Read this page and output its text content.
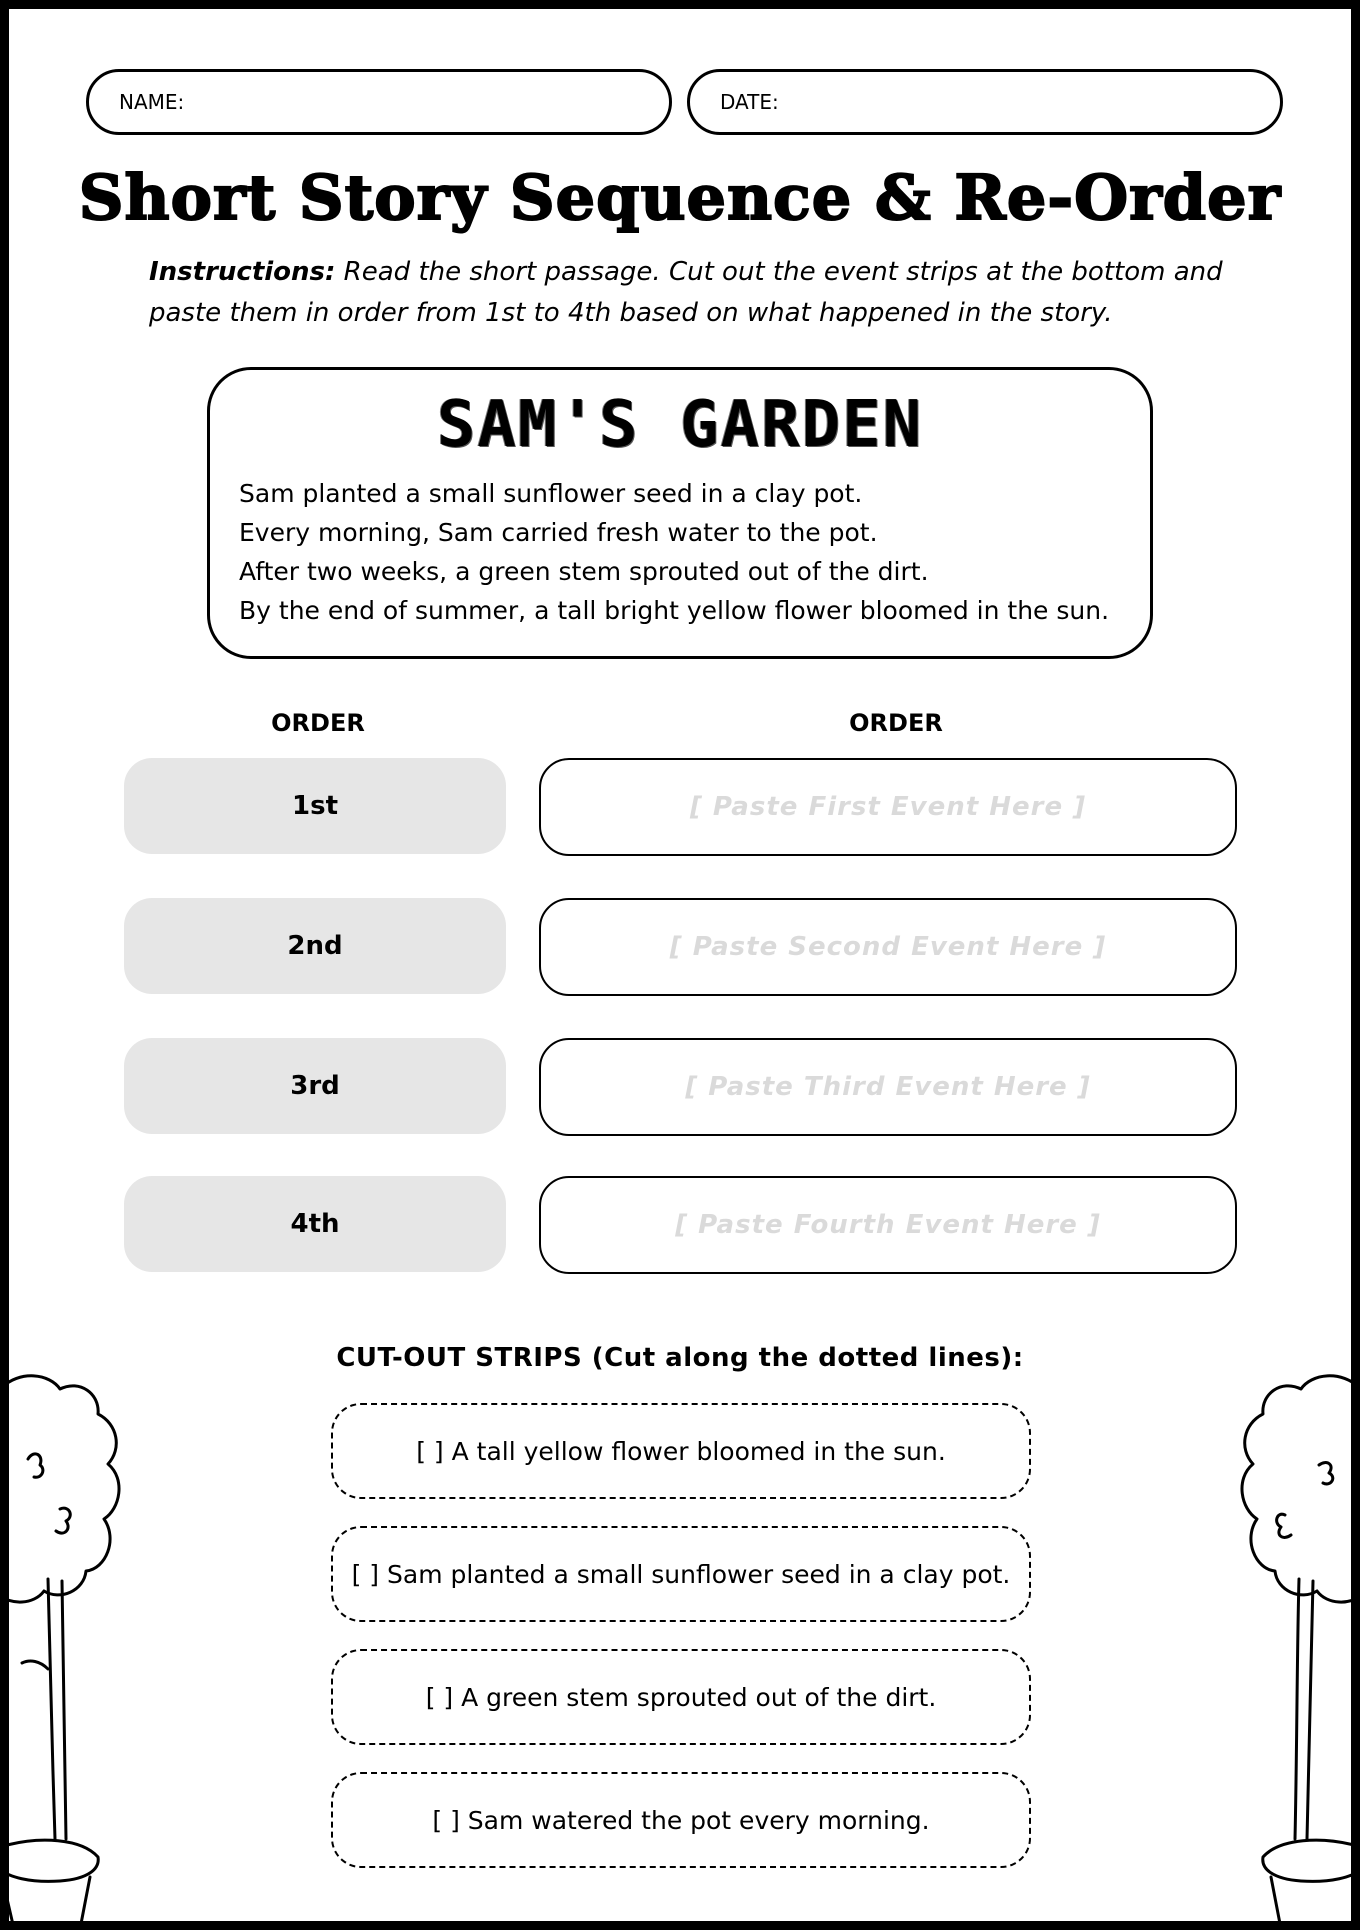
NAME:	DATE:
Short Story Sequence & Re-Order

Instructions: Read the short passage. Cut out the event strips at the bottom and paste them in order from 1st to 4th based on what happened in the story.

SAM'S GARDEN
Sam planted a small sunflower seed in a clay pot.
Every morning, Sam carried fresh water to the pot.
After two weeks, a green stem sprouted out of the dirt.
By the end of summer, a tall bright yellow flower bloomed in the sun.
ORDER	ORDER
1st	[ Paste First Event Here ]
2nd	[ Paste Second Event Here ]
3rd	[ Paste Third Event Here ]
4th	[ Paste Fourth Event Here ]
CUT-OUT STRIPS (Cut along the dotted lines):
[ ] A tall yellow flower bloomed in the sun.
[ ] Sam planted a small sunflower seed in a clay pot.
[ ] A green stem sprouted out of the dirt.
[ ] Sam watered the pot every morning.
